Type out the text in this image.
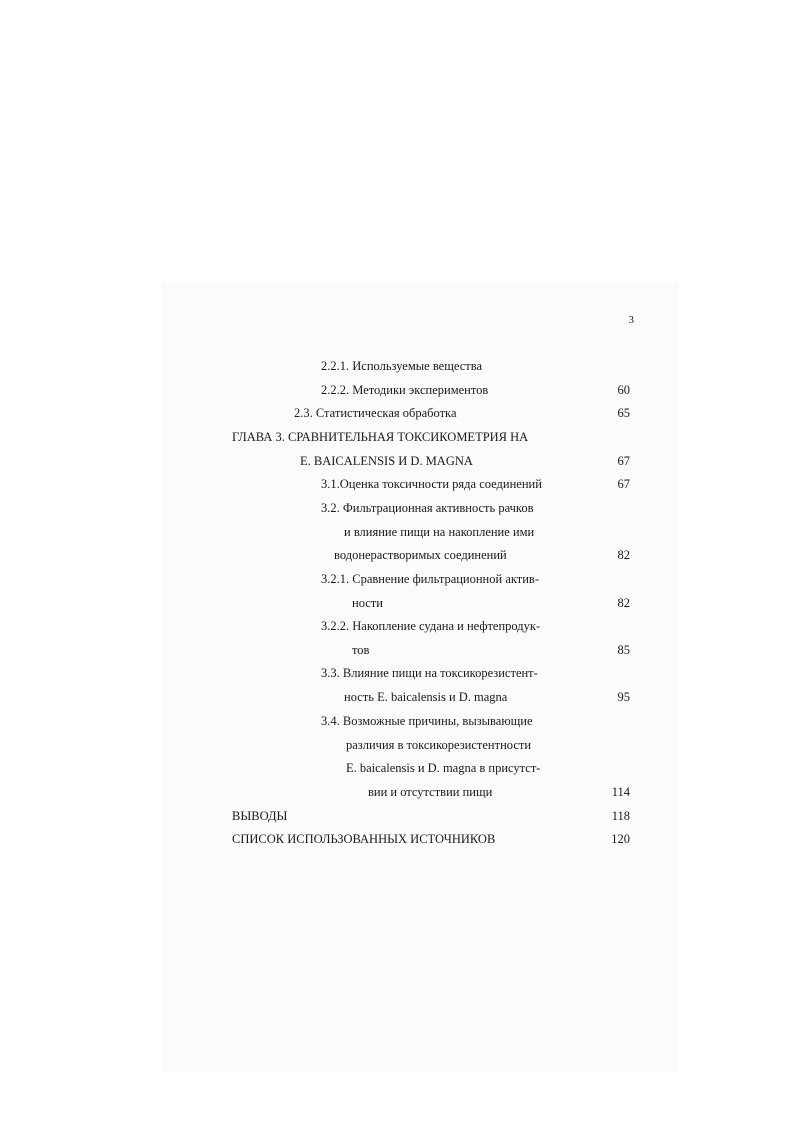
3
2.2.1. Используемые вещества
2.2.2. Методики экспериментов	60
2.3. Статистическая обработка	65
ГЛАВА 3. СРАВНИТЕЛЬНАЯ ТОКСИКОМЕТРИЯ НА
E. BAICALENSIS И D. MAGNA	67
3.1.Оценка токсичности ряда соединений	67
3.2. Фильтрационная активность рачков
и влияние пищи на накопление ими
водонерастворимых соединений	82
3.2.1. Сравнение фильтрационной актив-
ности	82
3.2.2. Накопление судана и нефтепродук-
тов	85
3.3. Влияние пищи на токсикорезистент-
ность E. baicalensis и D. magna	95
3.4. Возможные причины, вызывающие
различия в токсикорезистентности
E. baicalensis и D. magna в присутст-
вии и отсутствии пищи	114
ВЫВОДЫ	118
СПИСОК ИСПОЛЬЗОВАННЫХ ИСТОЧНИКОВ	120
